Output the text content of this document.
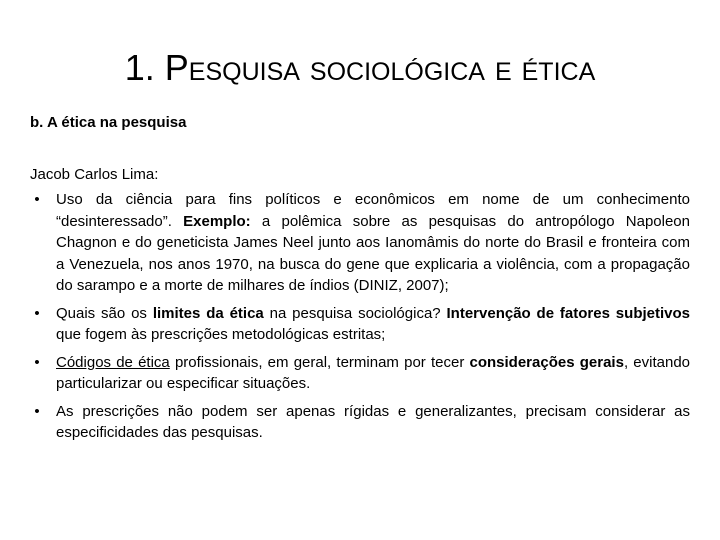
1. Pesquisa sociológica e ética
b. A ética na pesquisa
Jacob Carlos Lima:
• Uso da ciência para fins políticos e econômicos em nome de um conhecimento “desinteressado”. Exemplo: a polêmica sobre as pesquisas do antropólogo Napoleon Chagnon e do geneticista James Neel junto aos Ianomâmis do norte do Brasil e fronteira com a Venezuela, nos anos 1970, na busca do gene que explicaria a violência, com a propagação do sarampo e a morte de milhares de índios (DINIZ, 2007);
• Quais são os limites da ética na pesquisa sociológica? Intervenção de fatores subjetivos que fogem às prescrições metodológicas estritas;
• Códigos de ética profissionais, em geral, terminam por tecer considerações gerais, evitando particularizar ou especificar situações.
• As prescrições não podem ser apenas rígidas e generalizantes, precisam considerar as especificidades das pesquisas.
